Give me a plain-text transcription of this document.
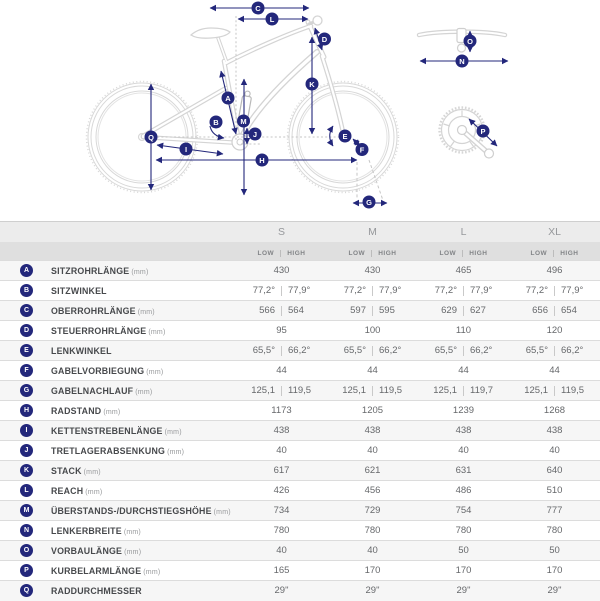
A
B
C
D
E
F
G
H
I
J
K
L
M
N
O
P
Q
	S	M	L	XL

	LOW HIGH	LOW HIGH	LOW HIGH	LOW HIGH

A SITZROHRLÄNGE (mm)	430	430	465	496

B SITZWINKEL	77,2° 77,9°	77,2° 77,9°	77,2° 77,9°	77,2° 77,9°

C OBERROHRLÄNGE (mm)	566 564	597 595	629 627	656 654

D STEUERROHRLÄNGE (mm)	95	100	110	120

E LENKWINKEL	65,5° 66,2°	65,5° 66,2°	65,5° 66,2°	65,5° 66,2°

F GABELVORBIEGUNG (mm)	44	44	44	44

G GABELNACHLAUF (mm)	125,1 119,5	125,1 119,5	125,1 119,7	125,1 119,5

H RADSTAND (mm)	1173	1205	1239	1268

I KETTENSTREBENLÄNGE (mm)	438	438	438	438

J TRETLAGERABSENKUNG (mm)	40	40	40	40

K STACK (mm)	617	621	631	640

L REACH (mm)	426	456	486	510

M ÜBERSTANDS-/DURCHSTIEGSHÖHE (mm)	734	729	754	777

N LENKERBREITE (mm)	780	780	780	780

O VORBAULÄNGE (mm)	40	40	50	50

P KURBELARMLÄNGE (mm)	165	170	170	170

Q RADDURCHMESSER	29"	29"	29"	29"
